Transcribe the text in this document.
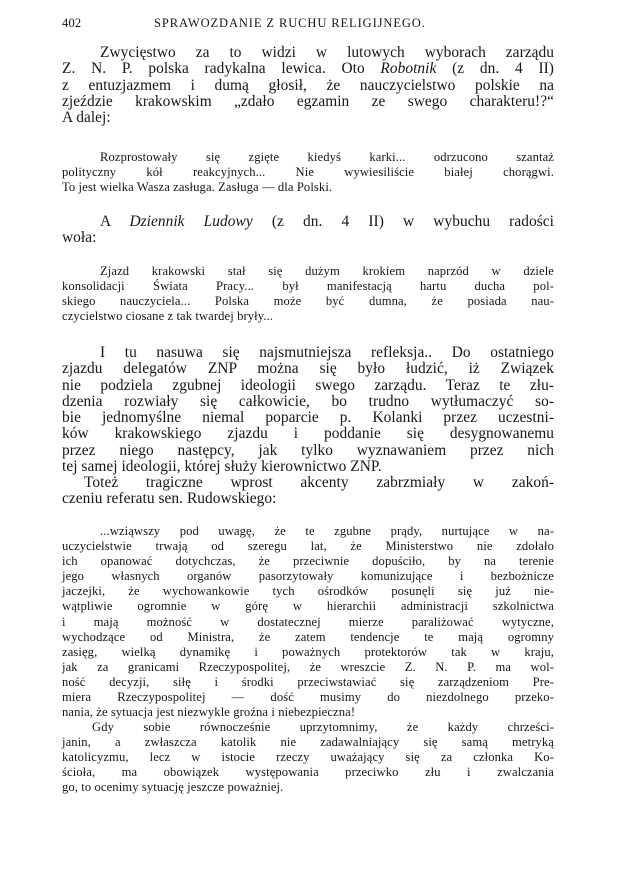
402	SPRAWOZDANIE Z RUCHU RELIGIJNEGO.
Zwycięstwo za to widzi w lutowych wyborach zarządu
Z. N. P. polska radykalna lewica. Oto Robotnik (z dn. 4 II)
z entuzjazmem i dumą głosił, że nauczycielstwo polskie na
zjeździe krakowskim „zdało egzamin ze swego charakteru!?“
A dalej:
Rozprostowały się zgięte kiedyś karki... odrzucono szantaż
polityczny kół reakcyjnych... Nie wywiesiliście białej chorągwi.
To jest wielka Wasza zasługa. Zasługa — dla Polski.
A Dziennik Ludowy (z dn. 4 II) w wybuchu radości
woła:
Zjazd krakowski stał się dużym krokiem naprzód w dziele
konsolidacji Świata Pracy... był manifestacją hartu ducha pol-
skiego nauczyciela... Polska może być dumna, że posiada nau-
czycielstwo ciosane z tak twardej bryły...
I tu nasuwa się najsmutniejsza refleksja.. Do ostatniego
zjazdu delegatów ZNP można się było łudzić, iż Związek
nie podziela zgubnej ideologii swego zarządu. Teraz te złu-
dzenia rozwiały się całkowicie, bo trudno wytłumaczyć so-
bie jednomyślne niemal poparcie p. Kolanki przez uczestni-
ków krakowskiego zjazdu i poddanie się desygnowanemu
przez niego następcy, jak tylko wyznawaniem przez nich
tej samej ideologii, której służy kierownictwo ZNP.
Toteż tragiczne wprost akcenty zabrzmiały w zakoń-
czeniu referatu sen. Rudowskiego:
...wziąwszy pod uwagę, że te zgubne prądy, nurtujące w na-
uczycielstwie trwają od szeregu lat, że Ministerstwo nie zdołało
ich opanować dotychczas, że przeciwnie dopuściło, by na terenie
jego własnych organów pasorzytowały komunizujące i bezbożnicze
jaczejki, że wychowankowie tych ośrodków posunęli się już nie-
wątpliwie ogromnie w górę w hierarchii administracji szkolnictwa
i mają możność w dostatecznej mierze paraliżować wytyczne,
wychodzące od Ministra, że zatem tendencje te mają ogromny
zasięg, wielką dynamikę i poważnych protektorów tak w kraju,
jak za granicami Rzeczypospolitej, że wreszcie Z. N. P. ma wol-
ność decyzji, siłę i środki przeciwstawiać się zarządzeniom Pre-
miera Rzeczypospolitej — dość musimy do niezdolnego przeko-
nania, że sytuacja jest niezwykle groźna i niebezpieczna!
Gdy sobie równocześnie uprzytomnimy, że każdy chrześci-
janin, a zwłaszcza katolik nie zadawalniający się samą metryką
katolicyzmu, lecz w istocie rzeczy uważający się za członka Ko-
ścioła, ma obowiązek występowania przeciwko złu i zwalczania
go, to ocenimy sytuację jeszcze poważniej.
